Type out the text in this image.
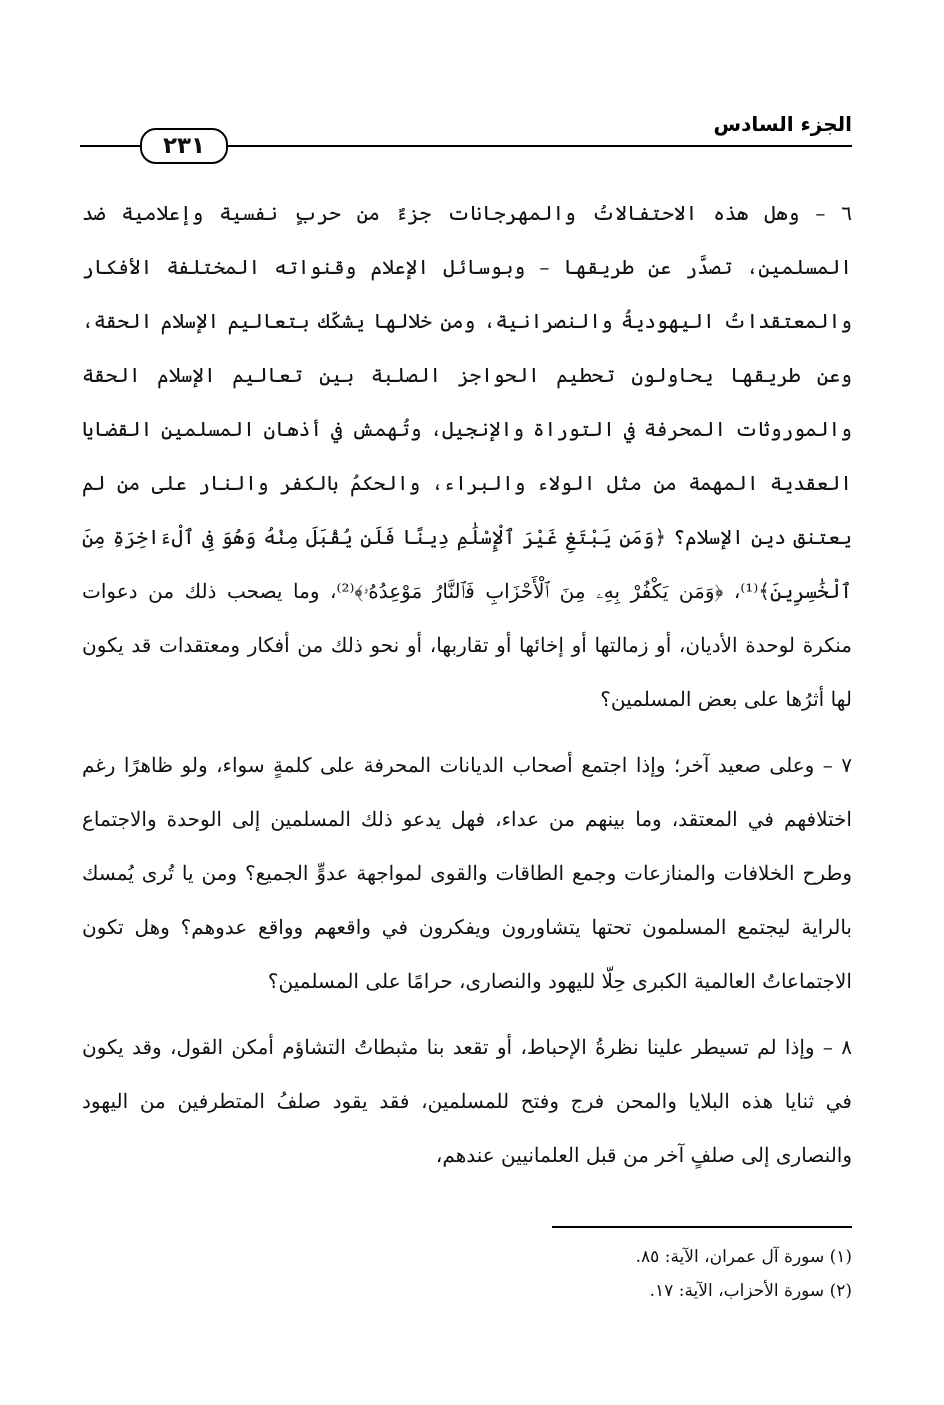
الجزء السادس
٢٣١

٦ – وهل هذه الاحتفالاتُ والمهرجانات جزءٌ من حربٍ نفسية وإعلامية ضد المسلمين، تصدَّر عن طريقها – وبوسائل الإعلام وقنواته المختلفة الأفكار والمعتقداتُ اليهوديةُ والنصرانية، ومن خلالها يشكّك بتعاليم الإسلام الحقة، وعن طريقها يحاولون تحطيم الحواجز الصلبة بين تعاليم الإسلام الحقة والموروثات المحرفة في التوراة والإنجيل، وتُهمش في أذهان المسلمين القضايا العقدية المهمة من مثل الولاء والبراء، والحكمُ بالكفر والنار على من لم يعتنق دين الإسلام؟ ﴿وَمَن يَبْتَغِ غَيْرَ ٱلْإِسْلَٰمِ دِينًا فَلَن يُقْبَلَ مِنْهُ وَهُوَ فِى ٱلْءَاخِرَةِ مِنَ ٱلْخَٰسِرِينَ﴾⁽¹⁾، ﴿وَمَن يَكْفُرْ بِهِۦ مِنَ ٱلْأَحْزَابِ فَٱلنَّارُ مَوْعِدُهُۥ﴾⁽²⁾، وما يصحب ذلك من دعوات منكرة لوحدة الأديان، أو زمالتها أو إخائها أو تقاربها، أو نحو ذلك من أفكار ومعتقدات قد يكون لها أثرُها على بعض المسلمين؟

٧ – وعلى صعيد آخر؛ وإذا اجتمع أصحاب الديانات المحرفة على كلمةٍ سواء، ولو ظاهرًا رغم اختلافهم في المعتقد، وما بينهم من عداء، فهل يدعو ذلك المسلمين إلى الوحدة والاجتماع وطرح الخلافات والمنازعات وجمع الطاقات والقوى لمواجهة عدوٍّ الجميع؟ ومن يا تُرى يُمسك بالراية ليجتمع المسلمون تحتها يتشاورون ويفكرون في واقعهم وواقع عدوهم؟ وهل تكون الاجتماعاتُ العالمية الكبرى حِلّا لليهود والنصارى، حرامًا على المسلمين؟

٨ – وإذا لم تسيطر علينا نظرةُ الإحباط، أو تقعد بنا مثبطاتُ التشاؤم أمكن القول، وقد يكون في ثنايا هذه البلايا والمحن فرج وفتح للمسلمين، فقد يقود صلفُ المتطرفين من اليهود والنصارى إلى صلفٍ آخر من قبل العلمانيين عندهم،

(١) سورة آل عمران، الآية: ٨٥.
(٢) سورة الأحزاب، الآية: ١٧.
